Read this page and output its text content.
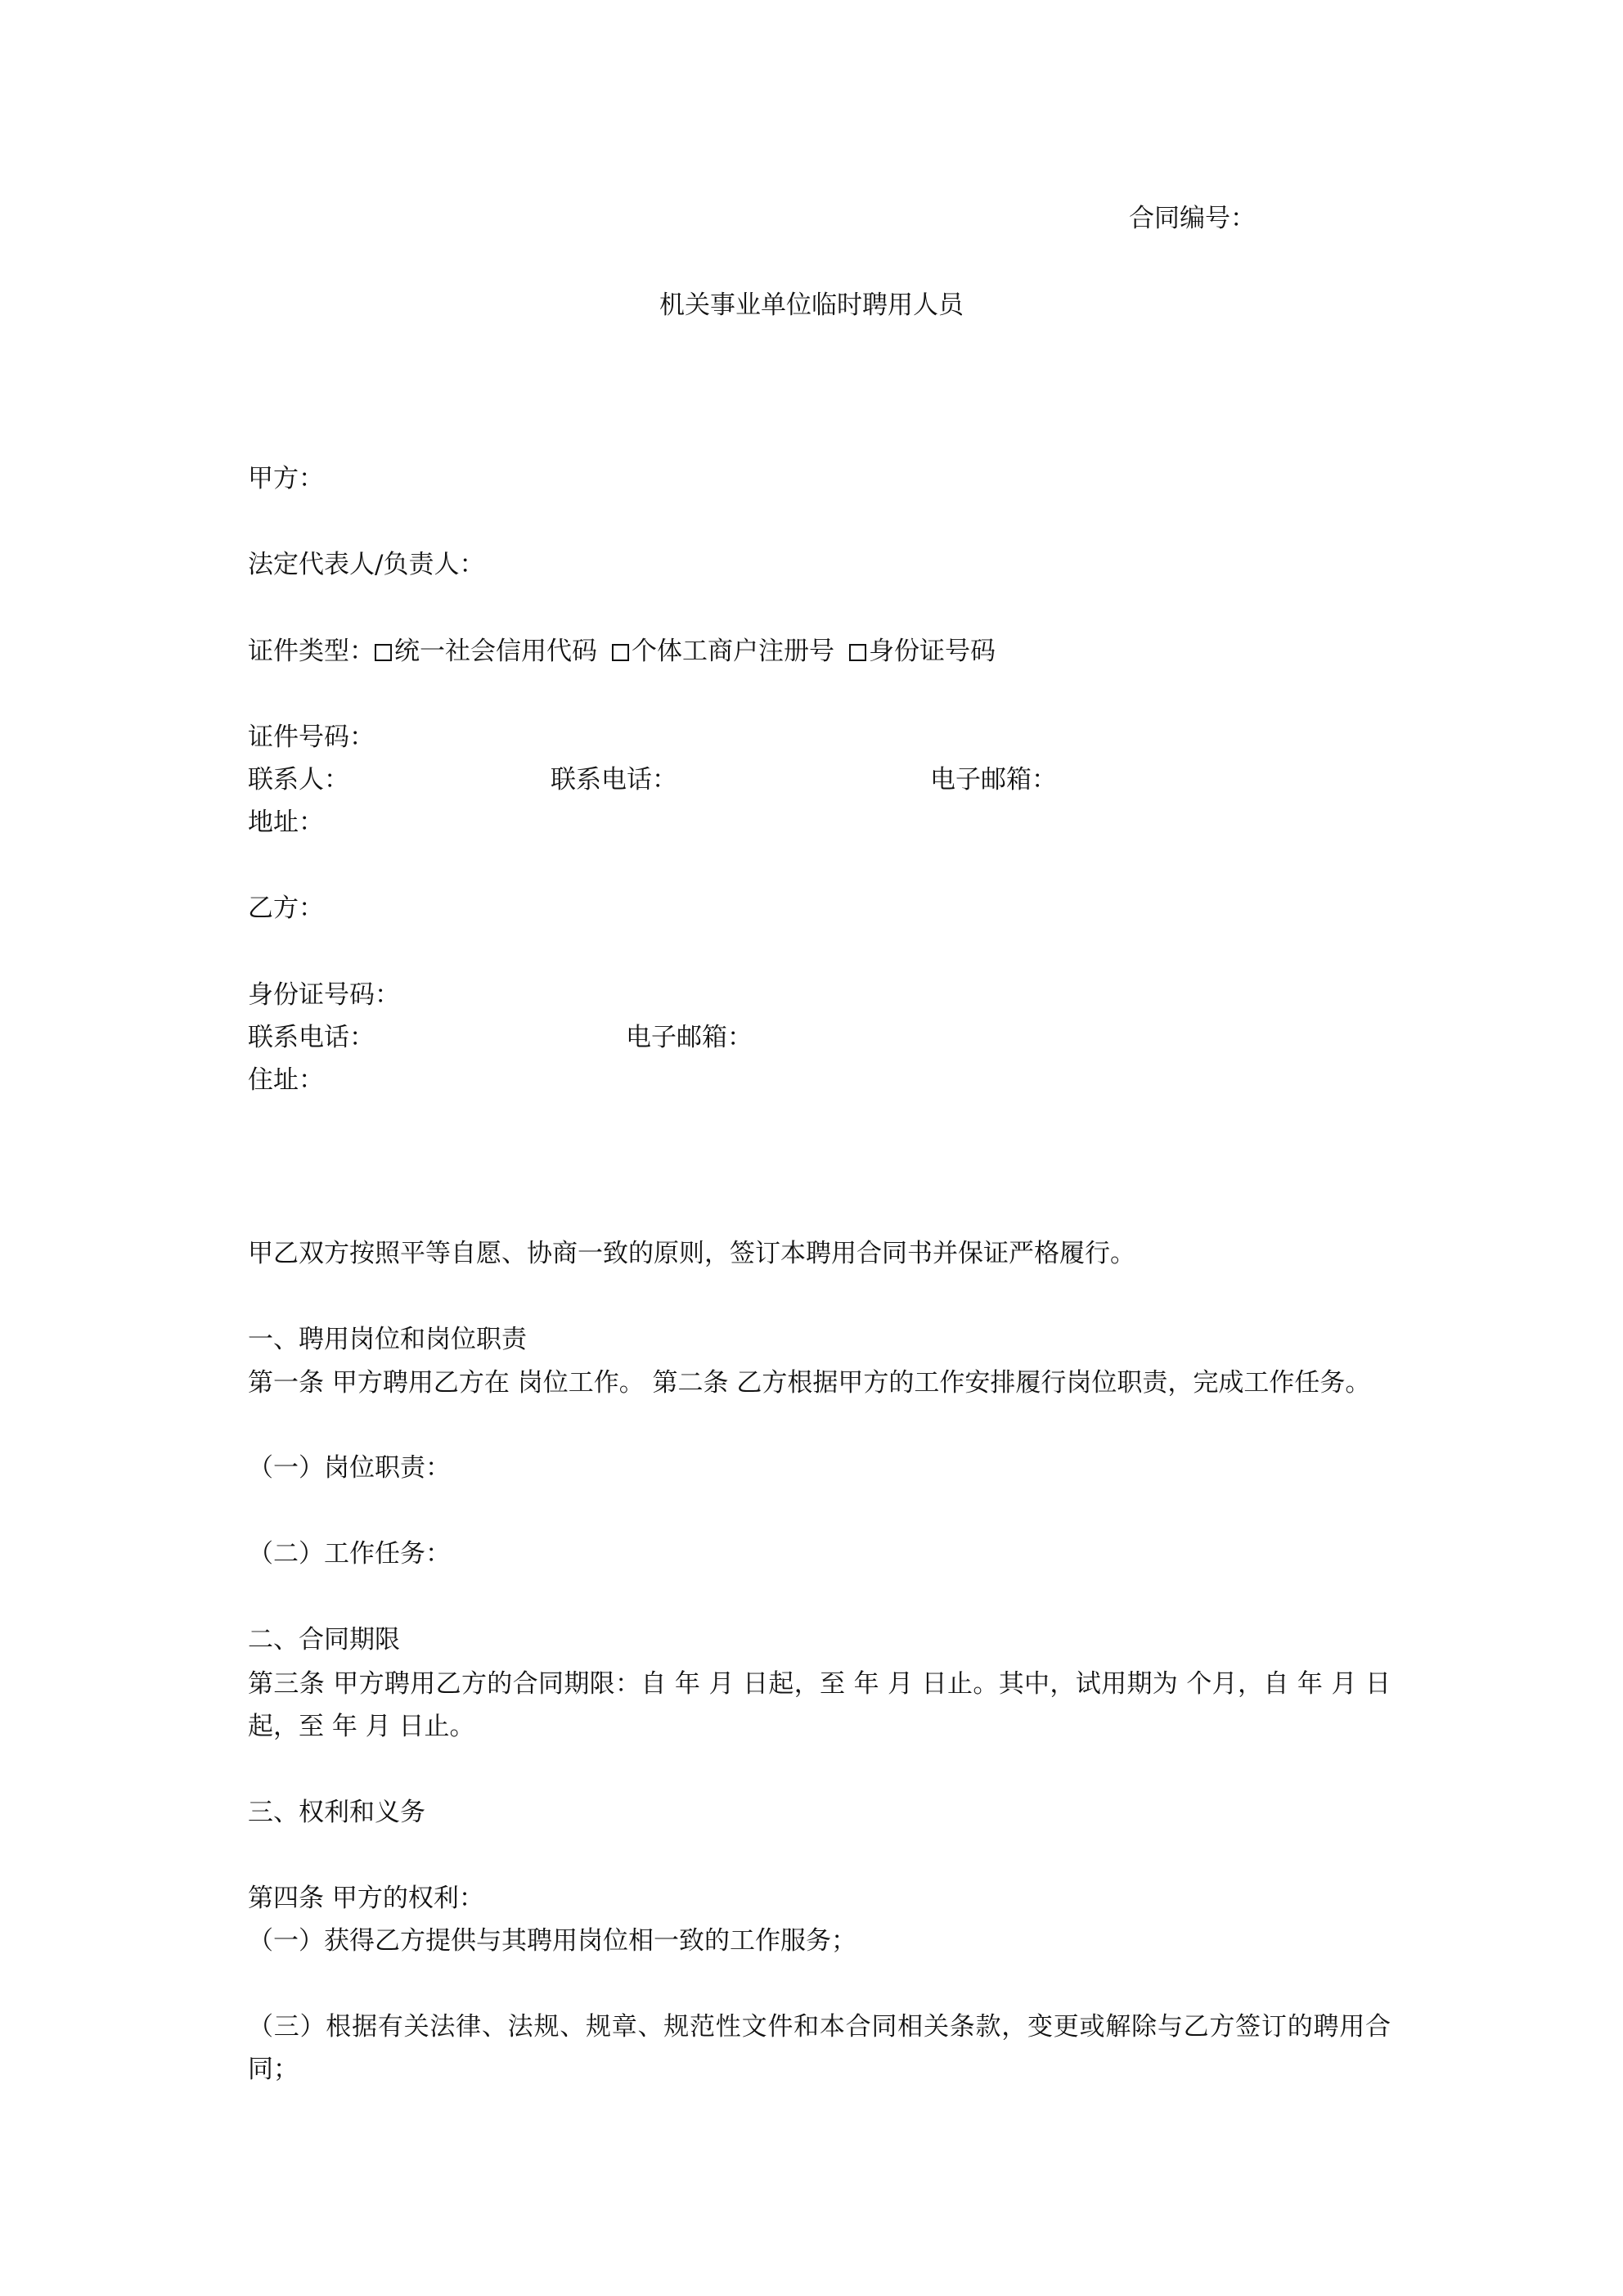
合同编号：
机关事业单位临时聘用人员
甲方：
法定代表人/负责人：
证件类型： 统一社会信用代码 个体工商户注册号 身份证号码
证件号码：
联系人：	联系电话：	电子邮箱：
地址：
乙方：
身份证号码：
联系电话：	电子邮箱：
住址：
甲乙双方按照平等自愿、协商一致的原则，签订本聘用合同书并保证严格履行。
一、聘用岗位和岗位职责
第一条 甲方聘用乙方在 岗位工作。 第二条 乙方根据甲方的工作安排履行岗位职责，完成工作任务。
（一）岗位职责：
（二）工作任务：
二、合同期限
第三条 甲方聘用乙方的合同期限：自 年 月 日起，至 年 月 日止。其中，试用期为 个月，自 年 月 日起，至 年 月 日止。
三、权利和义务
第四条 甲方的权利：
（一）获得乙方提供与其聘用岗位相一致的工作服务；
（三）根据有关法律、法规、规章、规范性文件和本合同相关条款，变更或解除与乙方签订的聘用合同；
